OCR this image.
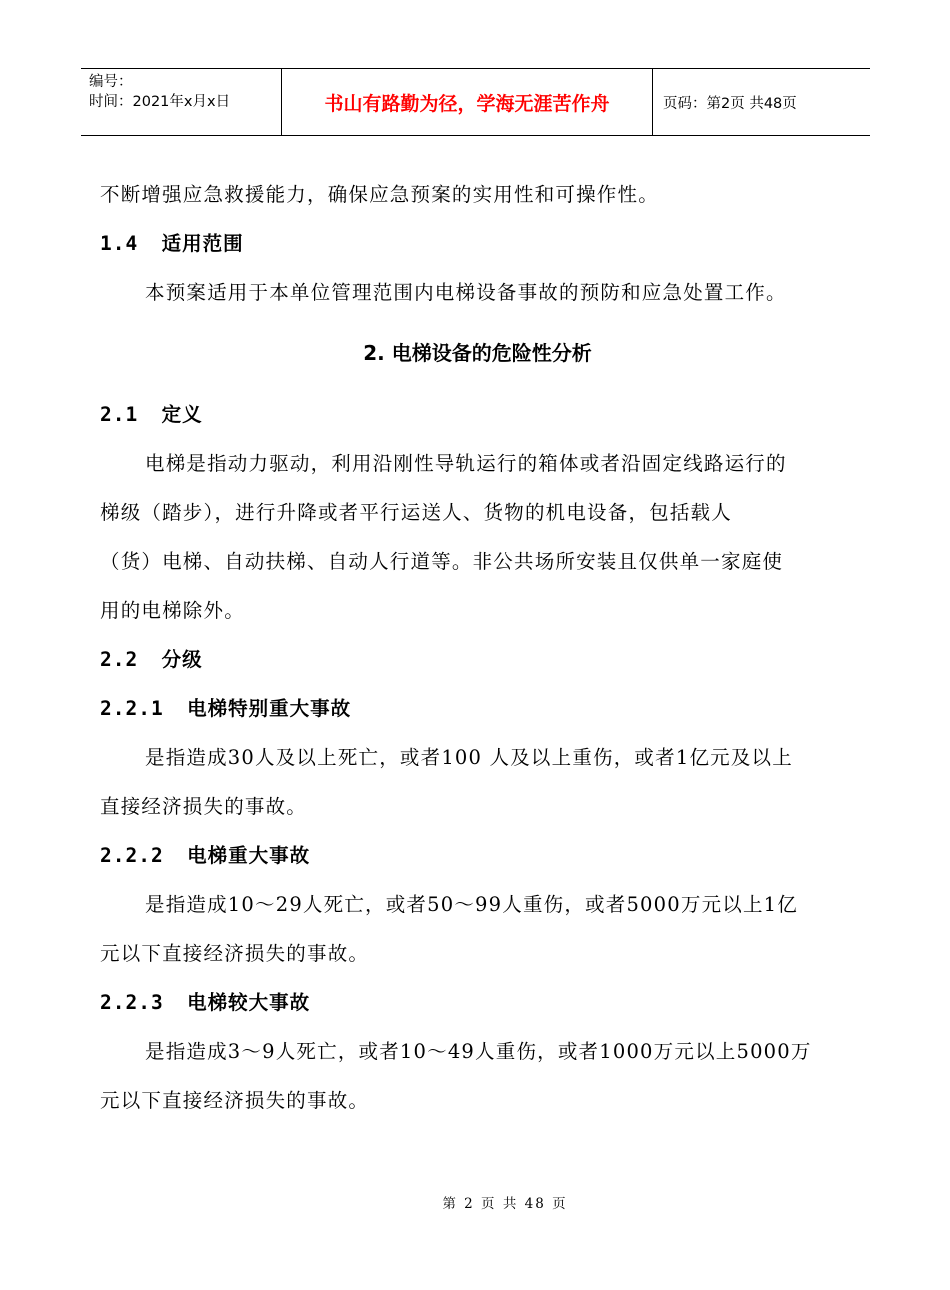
编号：
时间：2021年x月x日	书山有路勤为径，学海无涯苦作舟	页码：第2页 共48页

不断增强应急救援能力，确保应急预案的实用性和可操作性。

1.4 适用范围

本预案适用于本单位管理范围内电梯设备事故的预防和应急处置工作。

2. 电梯设备的危险性分析

2.1 定义

电梯是指动力驱动，利用沿刚性导轨运行的箱体或者沿固定线路运行的

梯级（踏步），进行升降或者平行运送人、货物的机电设备，包括载人

（货）电梯、自动扶梯、自动人行道等。非公共场所安装且仅供单一家庭使

用的电梯除外。

2.2 分级

2.2.1 电梯特别重大事故

是指造成30人及以上死亡，或者100 人及以上重伤，或者1亿元及以上

直接经济损失的事故。

2.2.2 电梯重大事故

是指造成10～29人死亡，或者50～99人重伤，或者5000万元以上1亿

元以下直接经济损失的事故。

2.2.3 电梯较大事故

是指造成3～9人死亡，或者10～49人重伤，或者1000万元以上5000万

元以下直接经济损失的事故。

第 2 页 共 48 页
